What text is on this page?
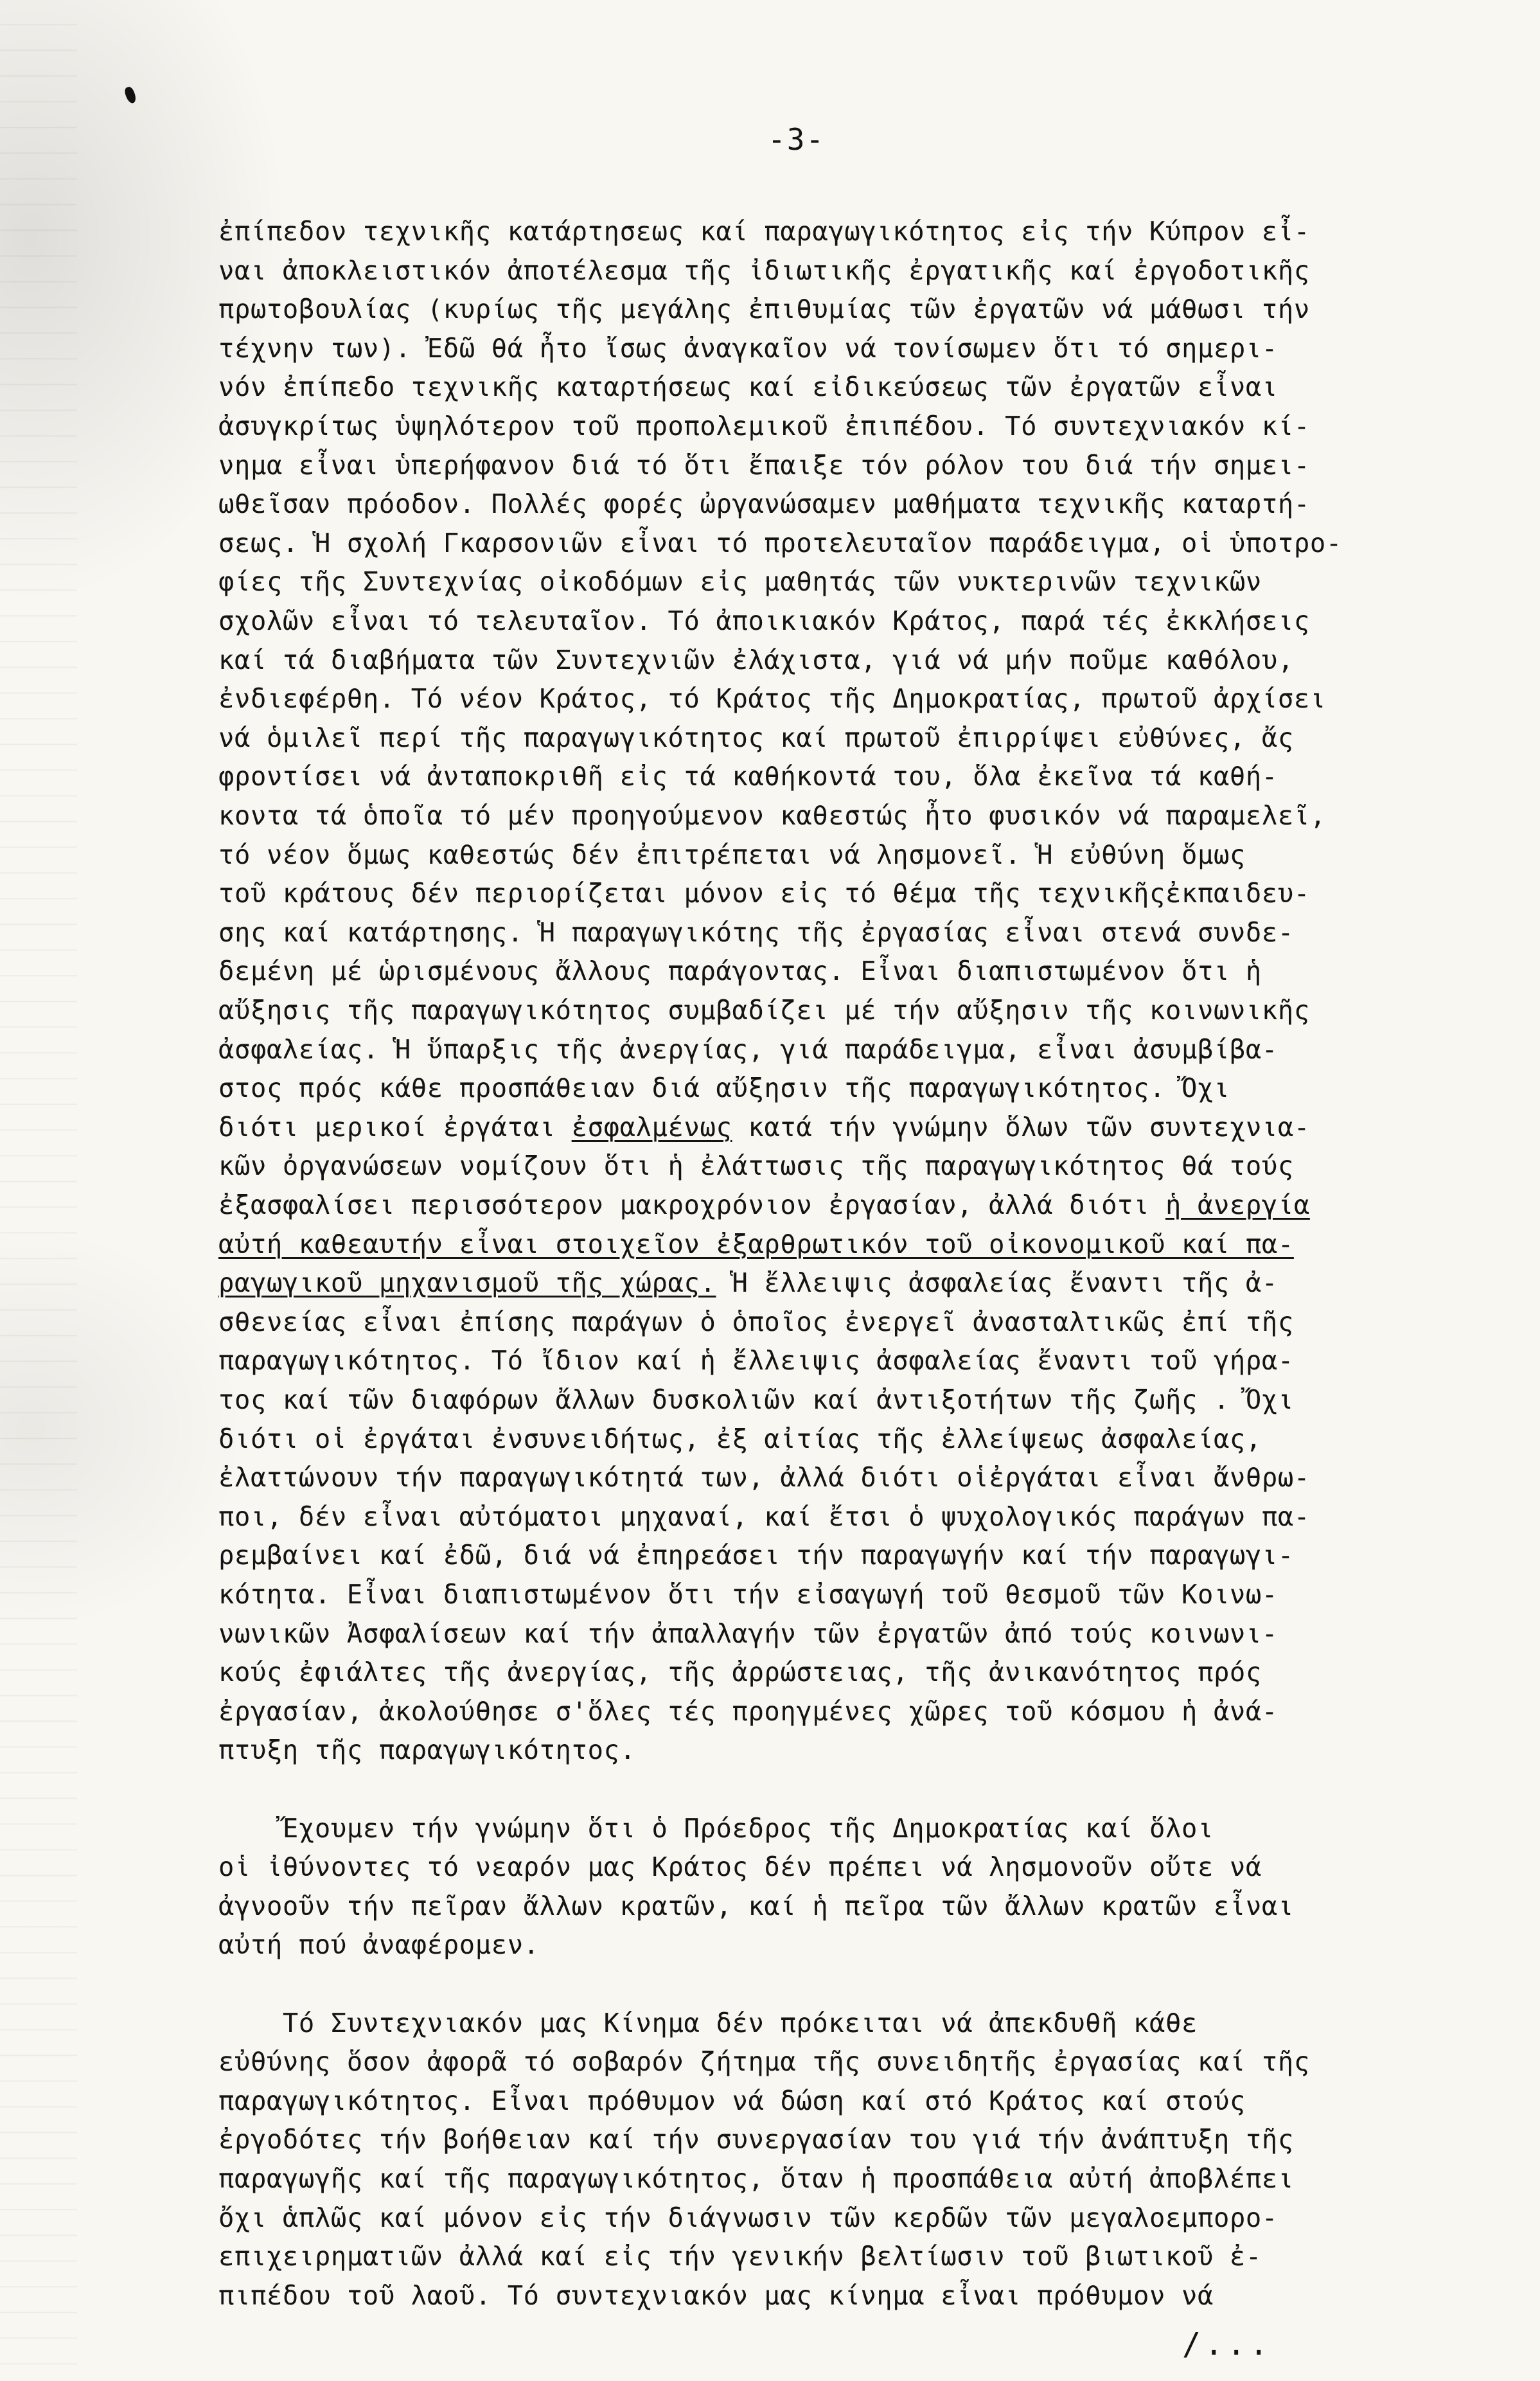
-3-
ἐπίπεδον τεχνικῆς κατάρτησεως καί παραγωγικότητος εἰς τήν Κύπρον εἶ-
ναι ἀποκλειστικόν ἀποτέλεσμα τῆς ἰδιωτικῆς ἐργατικῆς καί ἐργοδοτικῆς
πρωτοβουλίας (κυρίως τῆς μεγάλης ἐπιθυμίας τῶν ἐργατῶν νά μάθωσι τήν
τέχνην των). Ἐδῶ θά ἦτο ἴσως ἀναγκαῖον νά τονίσωμεν ὅτι τό σημερι-
νόν ἐπίπεδο τεχνικῆς καταρτήσεως καί εἰδικεύσεως τῶν ἐργατῶν εἶναι
ἀσυγκρίτως ὑψηλότερον τοῦ προπολεμικοῦ ἐπιπέδου. Τό συντεχνιακόν κί-
νημα εἶναι ὑπερήφανον διά τό ὅτι ἔπαιξε τόν ρόλον του διά τήν σημει-
ωθεῖσαν πρόοδον. Πολλές φορές ὠργανώσαμεν μαθήματα τεχνικῆς καταρτή-
σεως. Ἡ σχολή Γκαρσονιῶν εἶναι τό προτελευταῖον παράδειγμα, οἱ ὑποτρο-
φίες τῆς Συντεχνίας οἰκοδόμων εἰς μαθητάς τῶν νυκτερινῶν τεχνικῶν
σχολῶν εἶναι τό τελευταῖον. Τό ἀποικιακόν Κράτος, παρά τές ἐκκλήσεις
καί τά διαβήματα τῶν Συντεχνιῶν ἐλάχιστα, γιά νά μήν ποῦμε καθόλου,
ἐνδιεφέρθη. Τό νέον Κράτος, τό Κράτος τῆς Δημοκρατίας, πρωτοῦ ἀρχίσει
νά ὁμιλεῖ περί τῆς παραγωγικότητος καί πρωτοῦ ἐπιρρίψει εὐθύνες, ἄς
φροντίσει νά ἀνταποκριθῆ εἰς τά καθήκοντά του, ὅλα ἐκεῖνα τά καθή-
κοντα τά ὁποῖα τό μέν προηγούμενον καθεστώς ἦτο φυσικόν νά παραμελεῖ,
τό νέον ὅμως καθεστώς δέν ἐπιτρέπεται νά λησμονεῖ. Ἡ εὐθύνη ὅμως
τοῦ κράτους δέν περιορίζεται μόνον εἰς τό θέμα τῆς τεχνικῆςἐκπαιδευ-
σης καί κατάρτησης. Ἡ παραγωγικότης τῆς ἐργασίας εἶναι στενά συνδε-
δεμένη μέ ὡρισμένους ἄλλους παράγοντας. Εἶναι διαπιστωμένον ὅτι ἡ
αὔξησις τῆς παραγωγικότητος συμβαδίζει μέ τήν αὔξησιν τῆς κοινωνικῆς
ἀσφαλείας. Ἡ ὕπαρξις τῆς ἀνεργίας, γιά παράδειγμα, εἶναι ἀσυμβίβα-
στος πρός κάθε προσπάθειαν διά αὔξησιν τῆς παραγωγικότητος. Ὄχι
διότι μερικοί ἐργάται ἐσφαλμένως κατά τήν γνώμην ὅλων τῶν συντεχνια-
κῶν ὀργανώσεων νομίζουν ὅτι ἡ ἐλάττωσις τῆς παραγωγικότητος θά τούς
ἐξασφαλίσει περισσότερον μακροχρόνιον ἐργασίαν, ἀλλά διότι ἡ ἀνεργία
αὐτή καθεαυτήν εἶναι στοιχεῖον ἐξαρθρωτικόν τοῦ οἰκονομικοῦ καί πα-
ραγωγικοῦ μηχανισμοῦ τῆς χώρας. Ἡ ἔλλειψις ἀσφαλείας ἔναντι τῆς ἀ-
σθενείας εἶναι ἐπίσης παράγων ὁ ὁποῖος ἐνεργεῖ ἀνασταλτικῶς ἐπί τῆς
παραγωγικότητος. Τό ἴδιον καί ἡ ἔλλειψις ἀσφαλείας ἔναντι τοῦ γήρα-
τος καί τῶν διαφόρων ἄλλων δυσκολιῶν καί ἀντιξοτήτων τῆς ζωῆς . Ὄχι
διότι οἱ ἐργάται ἐνσυνειδήτως, ἐξ αἰτίας τῆς ἐλλείψεως ἀσφαλείας,
ἐλαττώνουν τήν παραγωγικότητά των, ἀλλά διότι οἱἐργάται εἶναι ἄνθρω-
ποι, δέν εἶναι αὐτόματοι μηχαναί, καί ἔτσι ὁ ψυχολογικός παράγων πα-
ρεμβαίνει καί ἐδῶ, διά νά ἐπηρεάσει τήν παραγωγήν καί τήν παραγωγι-
κότητα. Εἶναι διαπιστωμένον ὅτι τήν εἰσαγωγή τοῦ θεσμοῦ τῶν Κοινω-
νωνικῶν Ἀσφαλίσεων καί τήν ἀπαλλαγήν τῶν ἐργατῶν ἀπό τούς κοινωνι-
κούς ἐφιάλτες τῆς ἀνεργίας, τῆς ἀρρώστειας, τῆς ἀνικανότητος πρός
ἐργασίαν, ἀκολούθησε σ'ὅλες τές προηγμένες χῶρες τοῦ κόσμου ἡ ἀνά-
πτυξη τῆς παραγωγικότητος.
Ἔχουμεν τήν γνώμην ὅτι ὁ Πρόεδρος τῆς Δημοκρατίας καί ὅλοι
οἱ ἰθύνοντες τό νεαρόν μας Κράτος δέν πρέπει νά λησμονοῦν οὔτε νά
ἀγνοοῦν τήν πεῖραν ἄλλων κρατῶν, καί ἡ πεῖρα τῶν ἄλλων κρατῶν εἶναι
αὐτή πού ἀναφέρομεν.
Τό Συντεχνιακόν μας Κίνημα δέν πρόκειται νά ἀπεκδυθῆ κάθε
εὐθύνης ὅσον ἀφορᾶ τό σοβαρόν ζήτημα τῆς συνειδητῆς ἐργασίας καί τῆς
παραγωγικότητος. Εἶναι πρόθυμον νά δώση καί στό Κράτος καί στούς
ἐργοδότες τήν βοήθειαν καί τήν συνεργασίαν του γιά τήν ἀνάπτυξη τῆς
παραγωγῆς καί τῆς παραγωγικότητος, ὅταν ἡ προσπάθεια αὐτή ἀποβλέπει
ὄχι ἁπλῶς καί μόνον εἰς τήν διάγνωσιν τῶν κερδῶν τῶν μεγαλοεμπορο-
επιχειρηματιῶν ἀλλά καί εἰς τήν γενικήν βελτίωσιν τοῦ βιωτικοῦ ἐ-
πιπέδου τοῦ λαοῦ. Τό συντεχνιακόν μας κίνημα εἶναι πρόθυμον νά
/...
